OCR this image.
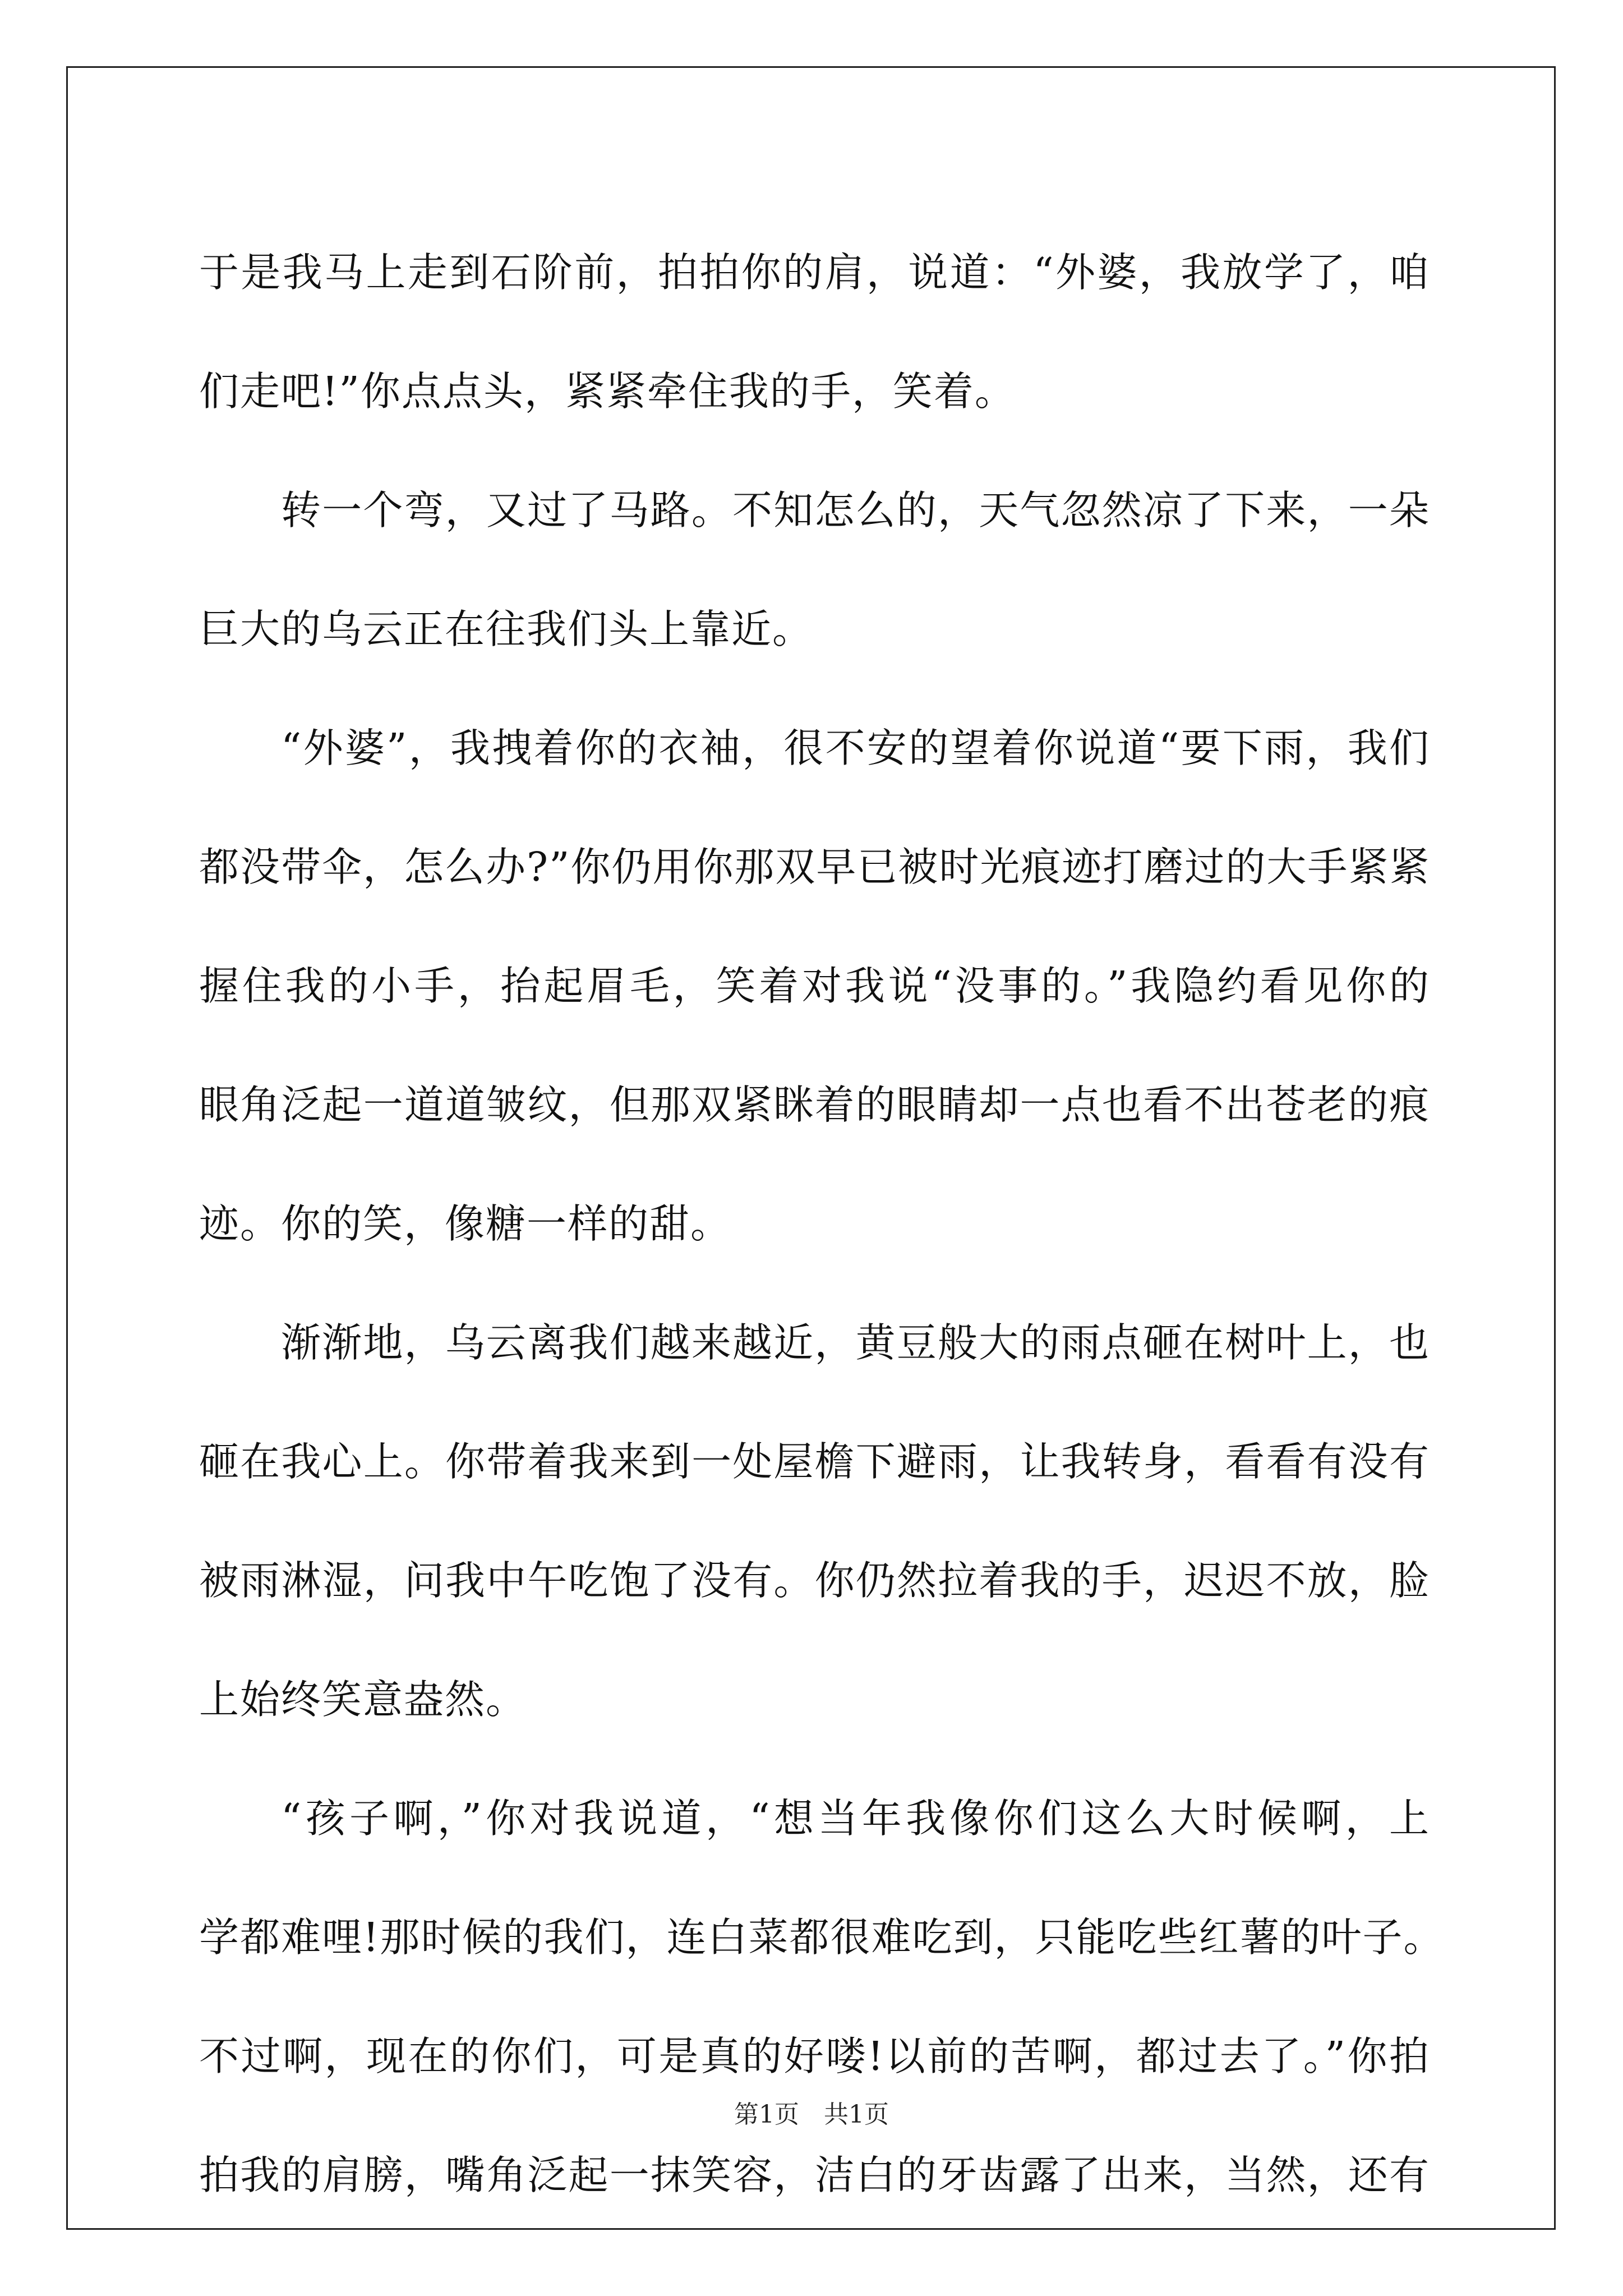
于是我马上走到石阶前，拍拍你的肩，说道：“外婆，我放学了，咱
们走吧!”你点点头，紧紧牵住我的手，笑着。
转一个弯，又过了马路。不知怎么的，天气忽然凉了下来，一朵
巨大的乌云正在往我们头上靠近。
“外婆”，我拽着你的衣袖，很不安的望着你说道“要下雨，我们
都没带伞，怎么办?”你仍用你那双早已被时光痕迹打磨过的大手紧紧
握住我的小手，抬起眉毛，笑着对我说“没事的。”我隐约看见你的
眼角泛起一道道皱纹，但那双紧眯着的眼睛却一点也看不出苍老的痕
迹。你的笑，像糖一样的甜。
渐渐地，乌云离我们越来越近，黄豆般大的雨点砸在树叶上，也
砸在我心上。你带着我来到一处屋檐下避雨，让我转身，看看有没有
被雨淋湿，问我中午吃饱了没有。你仍然拉着我的手，迟迟不放，脸
上始终笑意盎然。
“孩子啊，”你对我说道，“想当年我像你们这么大时候啊，上
学都难哩!那时候的我们，连白菜都很难吃到，只能吃些红薯的叶子。
不过啊，现在的你们，可是真的好喽!以前的苦啊，都过去了。”你拍
拍我的肩膀，嘴角泛起一抹笑容，洁白的牙齿露了出来，当然，还有
第1页　共1页
